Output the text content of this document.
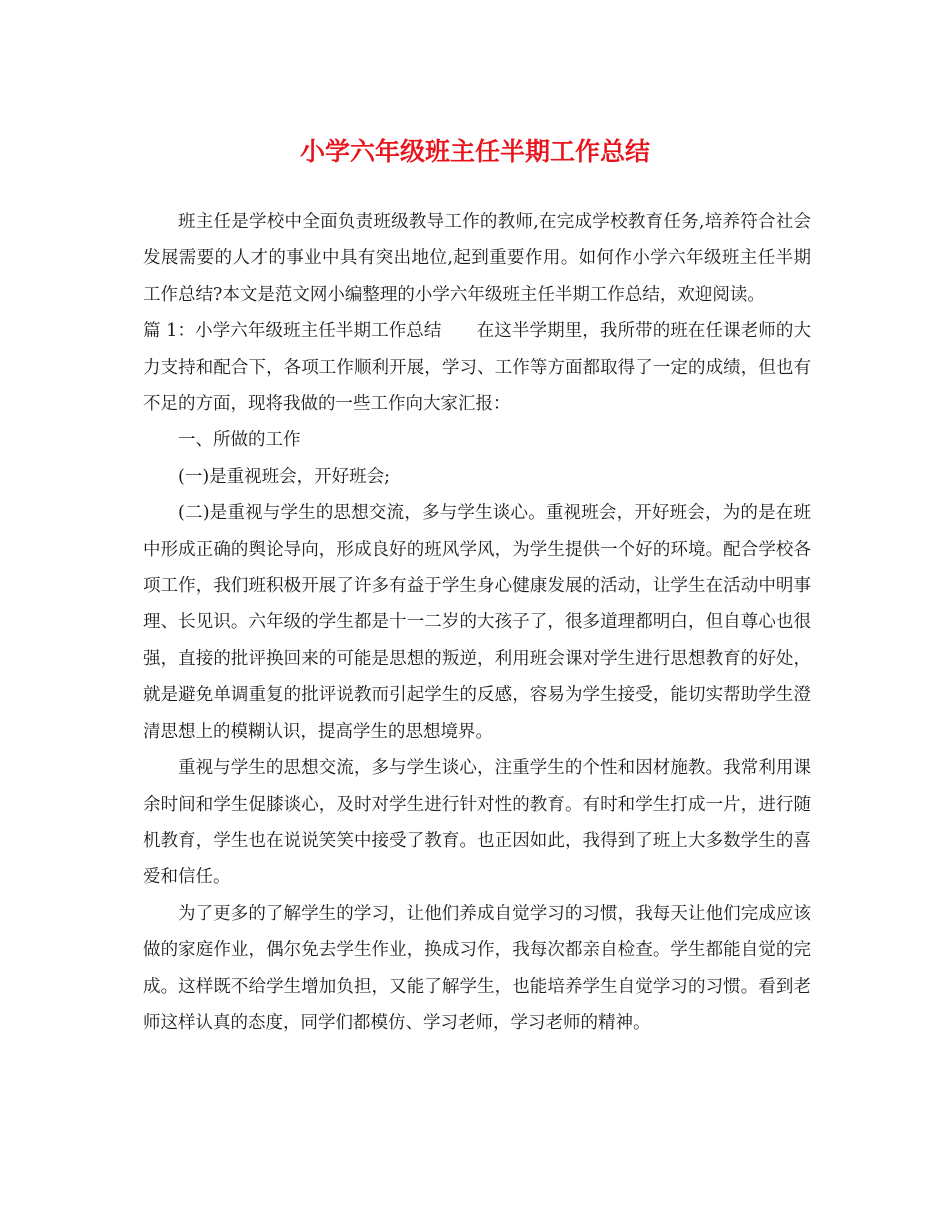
小学六年级班主任半期工作总结

班主任是学校中全面负责班级教导工作的教师,在完成学校教育任务,培养符合社会发展需要的人才的事业中具有突出地位,起到重要作用。如何作小学六年级班主任半期工作总结?本文是范文网小编整理的小学六年级班主任半期工作总结，欢迎阅读。

篇 1：小学六年级班主任半期工作总结　　在这半学期里，我所带的班在任课老师的大力支持和配合下，各项工作顺利开展，学习、工作等方面都取得了一定的成绩，但也有不足的方面，现将我做的一些工作向大家汇报：

一、所做的工作

(一)是重视班会，开好班会;

(二)是重视与学生的思想交流，多与学生谈心。重视班会，开好班会，为的是在班中形成正确的舆论导向，形成良好的班风学风，为学生提供一个好的环境。配合学校各项工作，我们班积极开展了许多有益于学生身心健康发展的活动，让学生在活动中明事理、长见识。六年级的学生都是十一二岁的大孩子了，很多道理都明白，但自尊心也很强，直接的批评换回来的可能是思想的叛逆，利用班会课对学生进行思想教育的好处，就是避免单调重复的批评说教而引起学生的反感，容易为学生接受，能切实帮助学生澄清思想上的模糊认识，提高学生的思想境界。

重视与学生的思想交流，多与学生谈心，注重学生的个性和因材施教。我常利用课余时间和学生促膝谈心，及时对学生进行针对性的教育。有时和学生打成一片，进行随机教育，学生也在说说笑笑中接受了教育。也正因如此，我得到了班上大多数学生的喜爱和信任。

为了更多的了解学生的学习，让他们养成自觉学习的习惯，我每天让他们完成应该做的家庭作业，偶尔免去学生作业，换成习作，我每次都亲自检查。学生都能自觉的完成。这样既不给学生增加负担，又能了解学生，也能培养学生自觉学习的习惯。看到老师这样认真的态度，同学们都模仿、学习老师，学习老师的精神。
